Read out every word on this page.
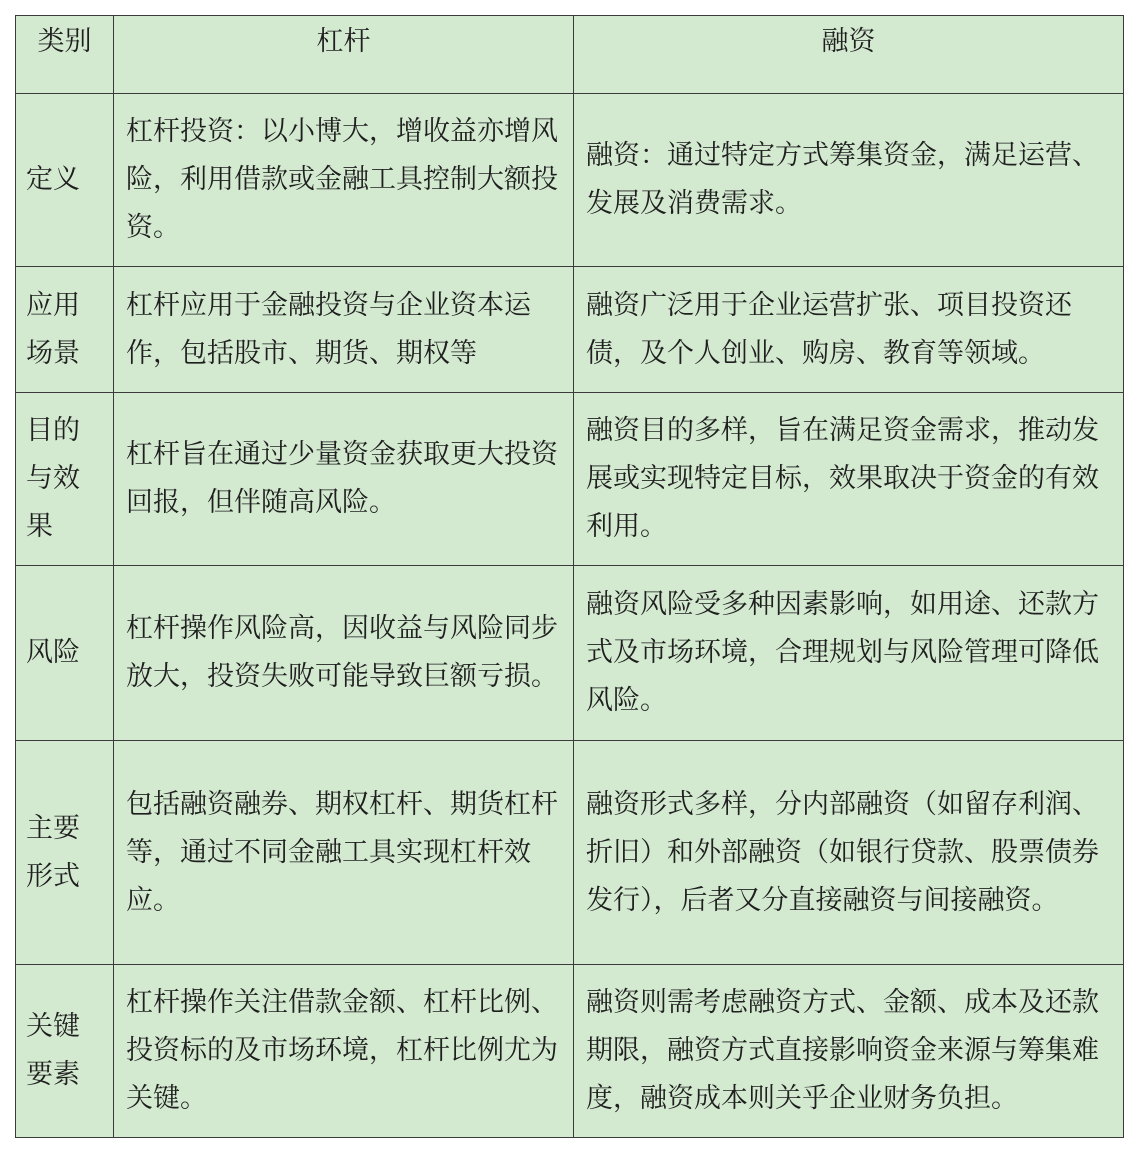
类别	杠杆	融资
定义	杠杆投资：以小博大，增收益亦增风险，利用借款或金融工具控制大额投资。	融资：通过特定方式筹集资金，满足运营、发展及消费需求。
应用场景	杠杆应用于金融投资与企业资本运作，包括股市、期货、期权等	融资广泛用于企业运营扩张、项目投资还债，及个人创业、购房、教育等领域。
目的与效果	杠杆旨在通过少量资金获取更大投资回报，但伴随高风险。	融资目的多样，旨在满足资金需求，推动发展或实现特定目标，效果取决于资金的有效利用。
风险	杠杆操作风险高，因收益与风险同步放大，投资失败可能导致巨额亏损。	融资风险受多种因素影响，如用途、还款方式及市场环境，合理规划与风险管理可降低风险。
主要形式	包括融资融券、期权杠杆、期货杠杆等，通过不同金融工具实现杠杆效应。	融资形式多样，分内部融资（如留存利润、折旧）和外部融资（如银行贷款、股票债券发行），后者又分直接融资与间接融资。
关键要素	杠杆操作关注借款金额、杠杆比例、投资标的及市场环境，杠杆比例尤为关键。	融资则需考虑融资方式、金额、成本及还款期限，融资方式直接影响资金来源与筹集难度，融资成本则关乎企业财务负担。
